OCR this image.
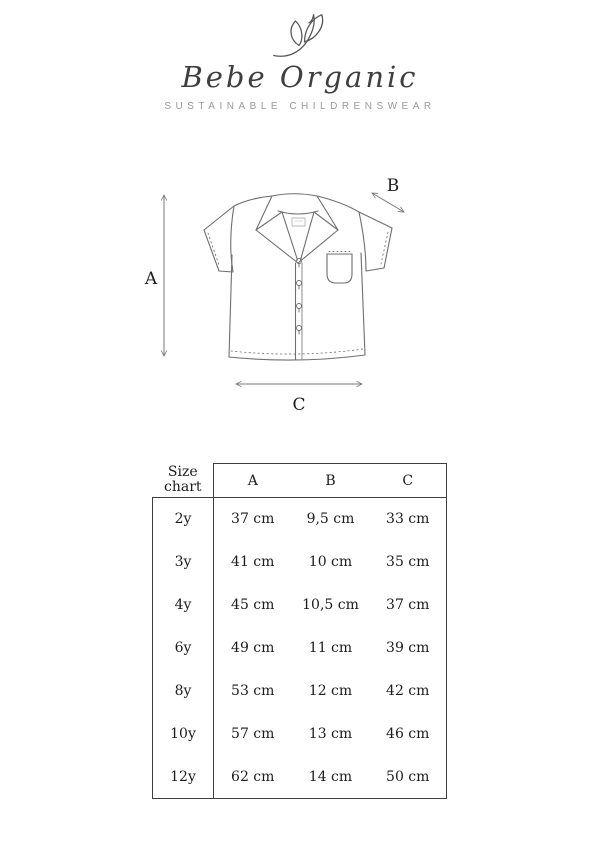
Bebe Organic
SUSTAINABLE CHILDRENSWEAR
A
B
C
Size
chart	A	B	C
2y	37 cm	9,5 cm	33 cm
3y	41 cm	10 cm	35 cm
4y	45 cm	10,5 cm	37 cm
6y	49 cm	11 cm	39 cm
8y	53 cm	12 cm	42 cm
10y	57 cm	13 cm	46 cm
12y	62 cm	14 cm	50 cm
